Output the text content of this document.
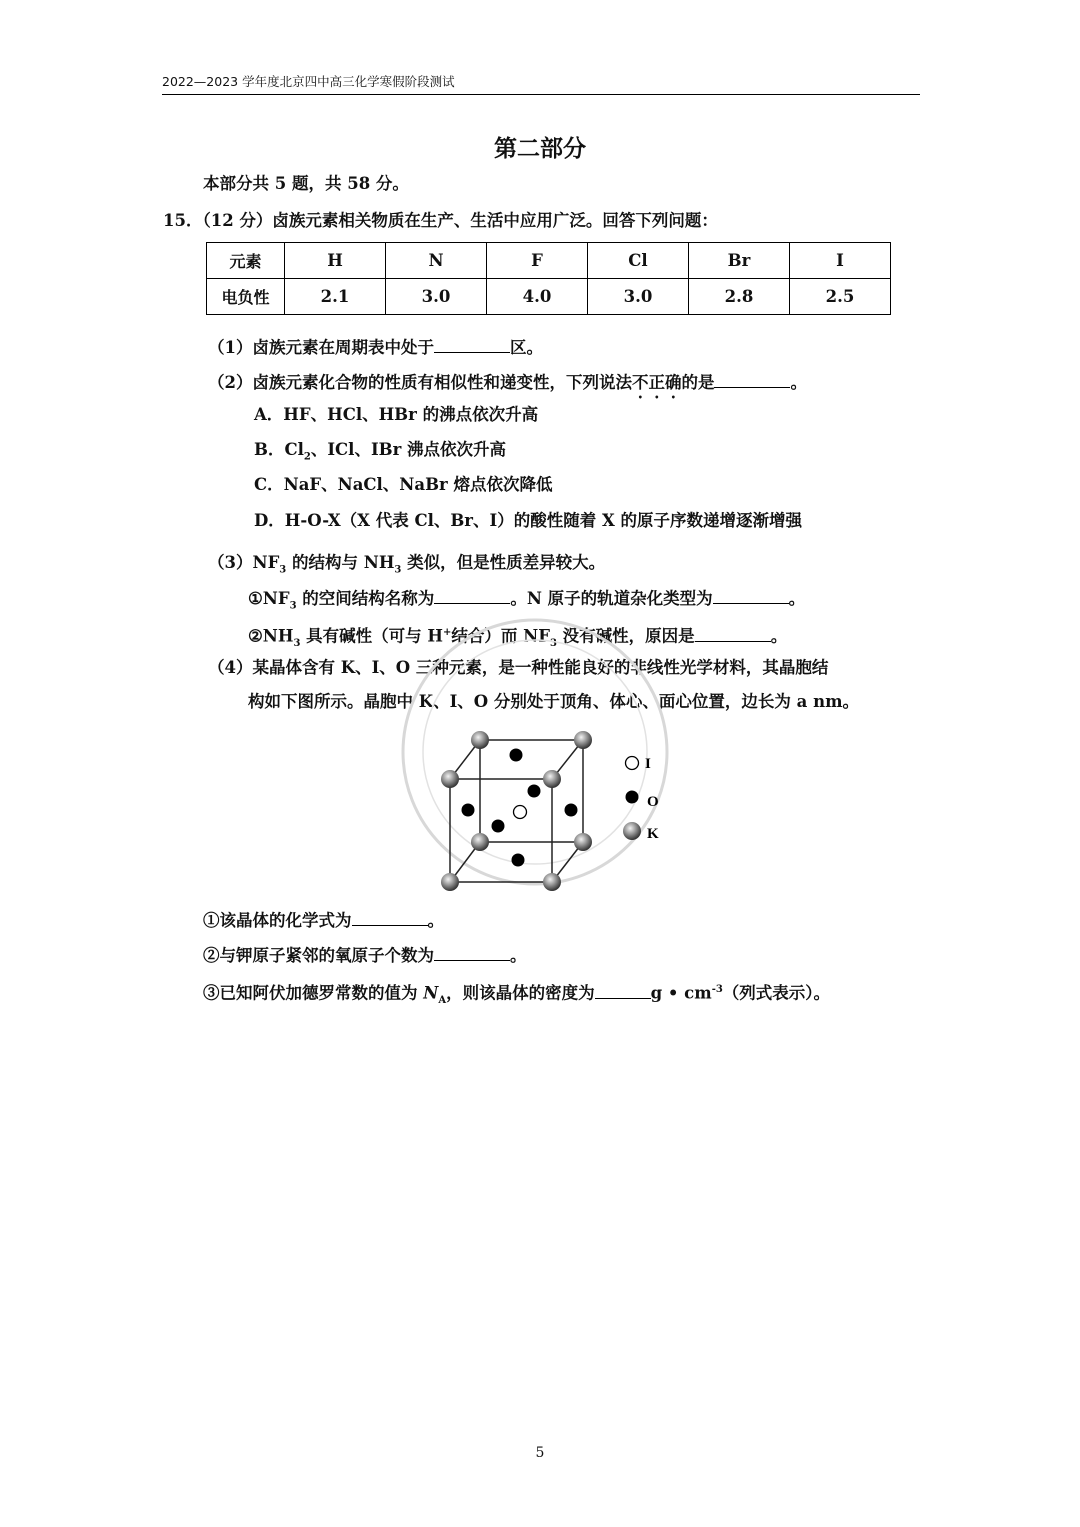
2022—2023 学年度北京四中高三化学寒假阶段测试
第二部分
本部分共 5 题，共 58 分。
15．（12 分）卤族元素相关物质在生产、生活中应用广泛。回答下列问题：
元素	H	N	F	Cl	Br	I
电负性	2.1	3.0	4.0	3.0	2.8	2.5
（1）卤族元素在周期表中处于	区。
（2）卤族元素化合物的性质有相似性和递变性，下列说法不正确的是	。
A．HF、HCl、HBr 的沸点依次升高
B．$Cl_2$、ICl、IBr 沸点依次升高
C．NaF、NaCl、NaBr 熔点依次降低
D．H-O-X（X 代表 Cl、Br、I）的酸性随着 X 的原子序数递增逐渐增强
$(3)NF_3$ 的结构与 $NH_3$ 类似，但是性质差异较大。
$①NF_3$ 的空间结构名称为	。N 原子的轨道杂化类型为	。
$②NH_3$ 具有碱性（可与 H+结合）而 $NF_3$ 没有碱性，原因是	。
（4）某晶体含有 K、I、O 三种元素，是一种性能良好的非线性光学材料，其晶胞结
构如下图所示。晶胞中 K、I、O 分别处于顶角、体心、面心位置，边长为 a nm。
I
O
K
①该晶体的化学式为	。
②与钾原子紧邻的氧原子个数为	。
③已知阿伏加德罗常数的值为 $N_A$，则该晶体的密度为	g • $cm^{-3}$（列式表示）。
5
